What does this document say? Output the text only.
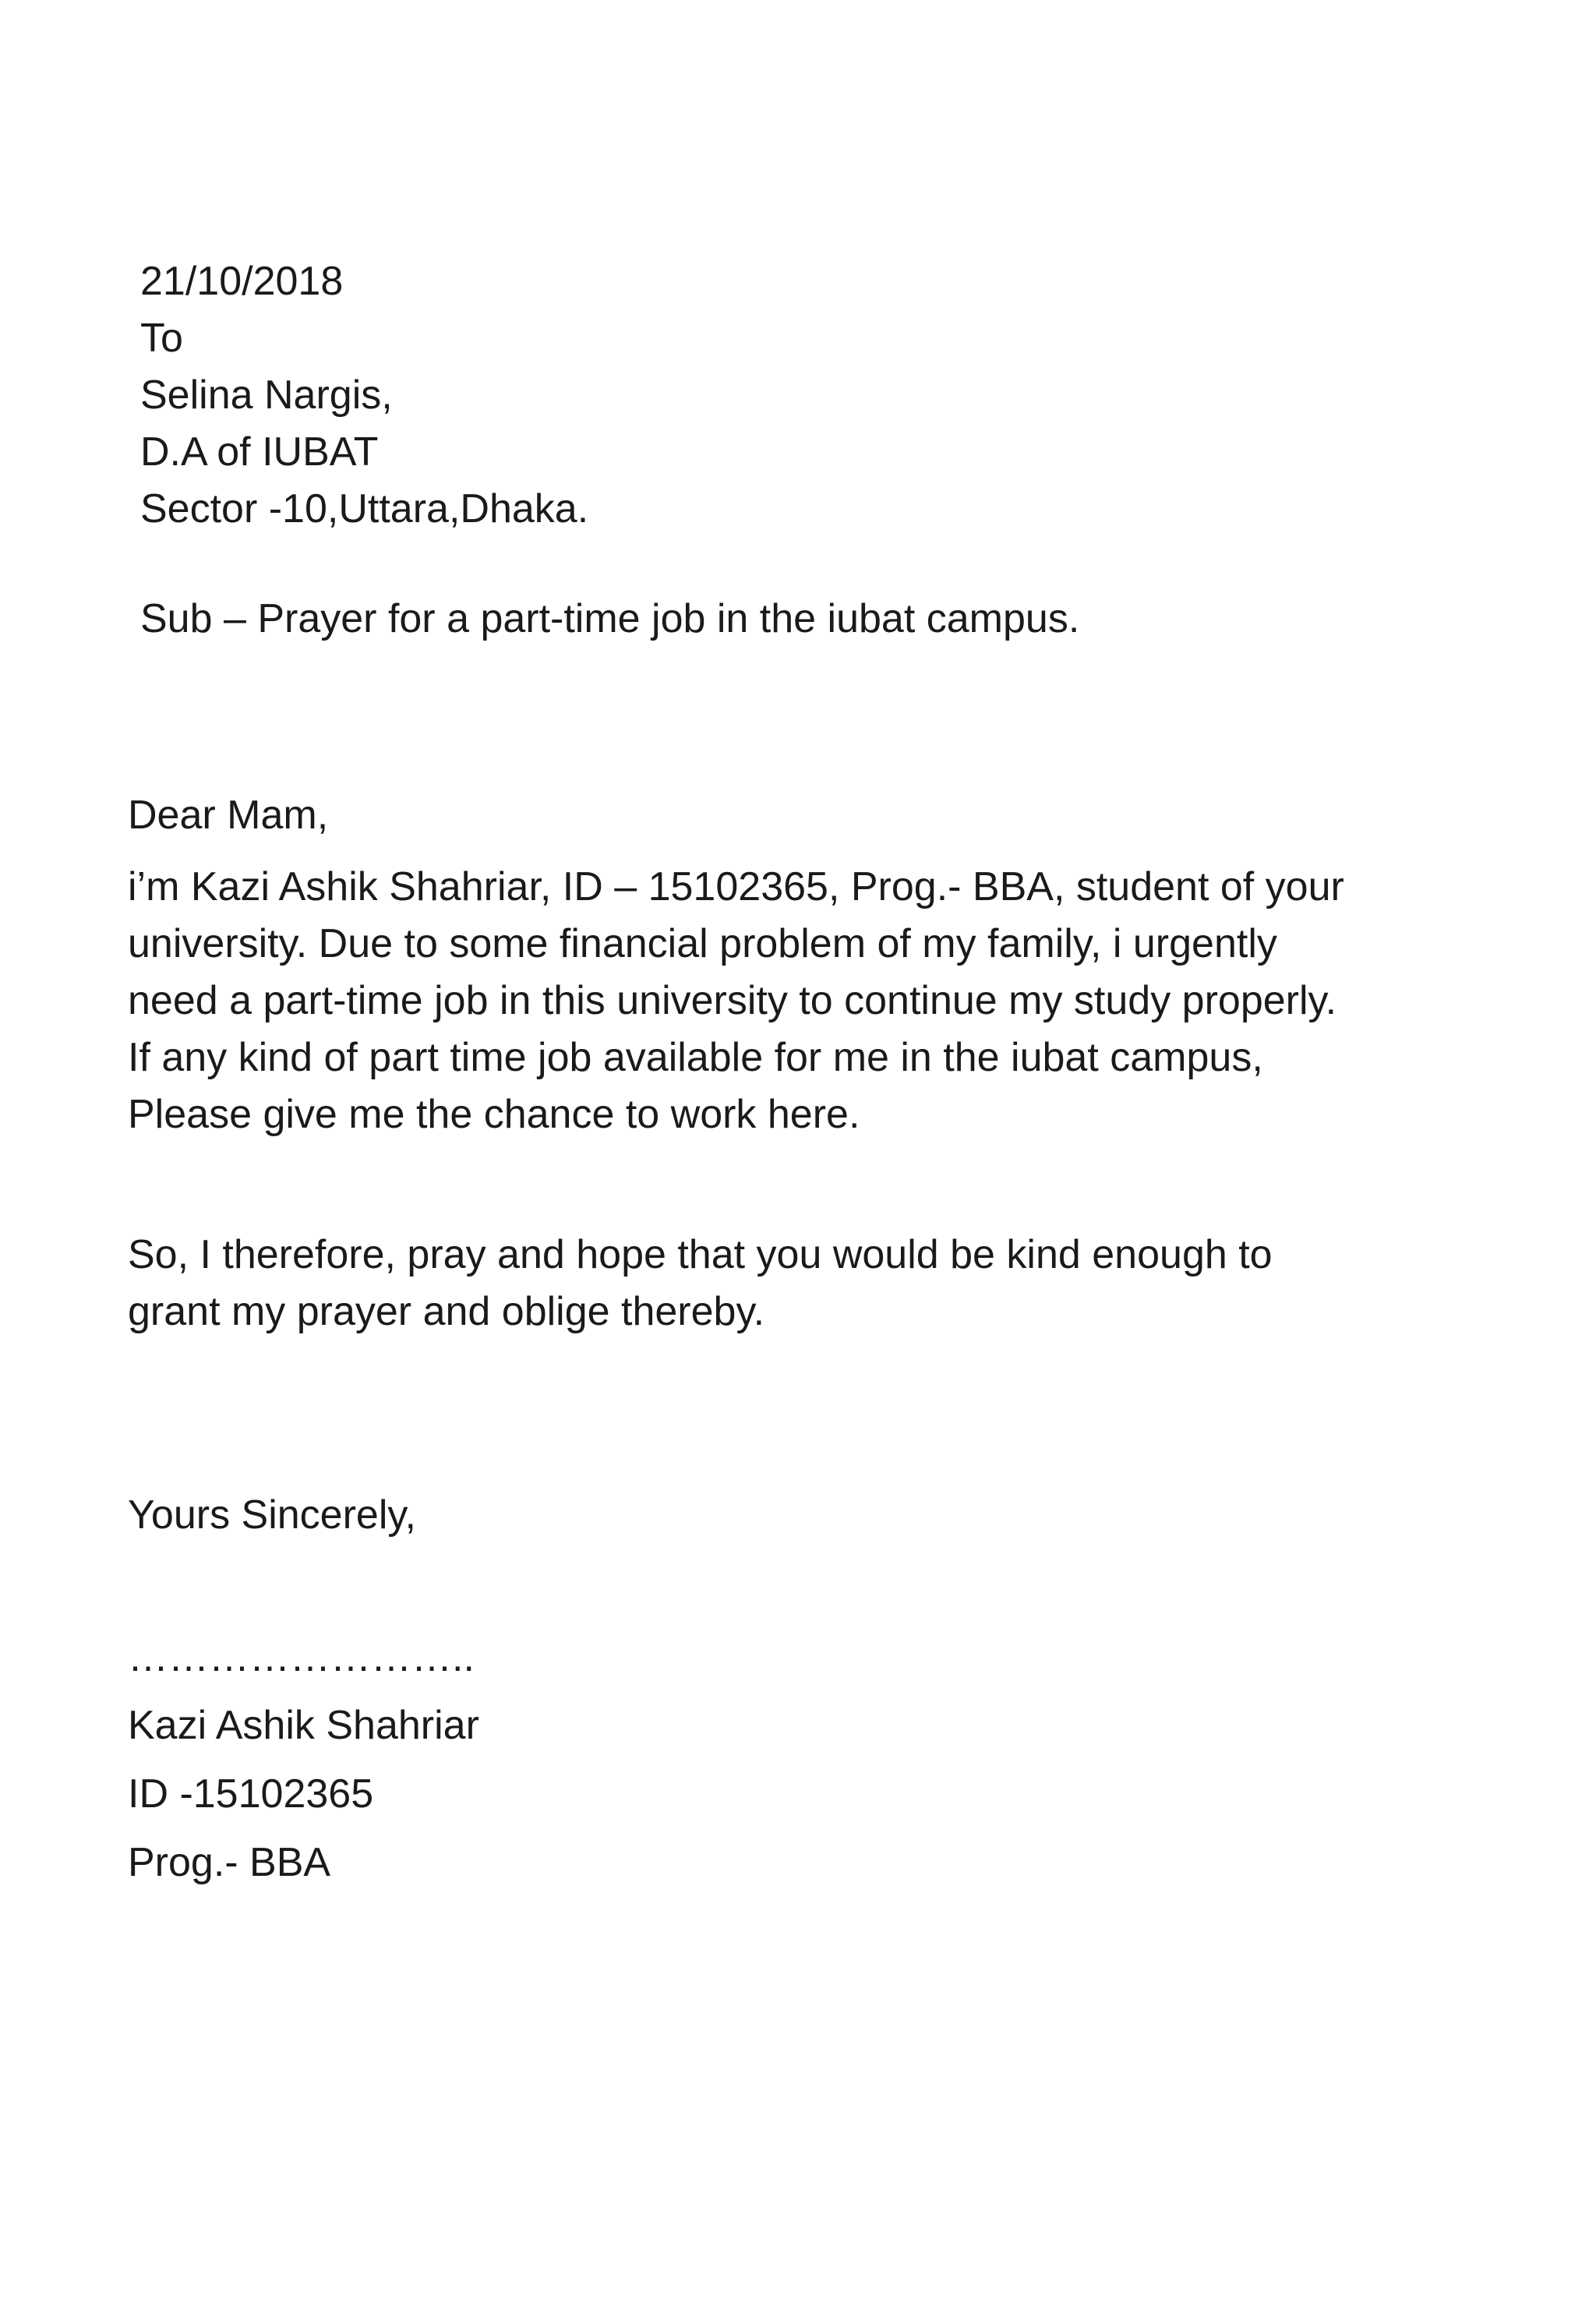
21/10/2018

To

Selina Nargis,

D.A of IUBAT

Sector -10,Uttara,Dhaka.

Sub – Prayer for a part-time job in the iubat campus.

Dear Mam,

i’m Kazi Ashik Shahriar, ID – 15102365, Prog.- BBA, student of your
university. Due to some financial problem of my family, i urgently
need a part-time job in this university to continue my study properly.
If any kind of part time job available for me in the iubat campus,
Please give me the chance to work here.
So, I therefore, pray and hope that you would be kind enough to
grant my prayer and oblige thereby.

Yours Sincerely,

……………………..

Kazi Ashik Shahriar

ID -15102365

Prog.- BBA
